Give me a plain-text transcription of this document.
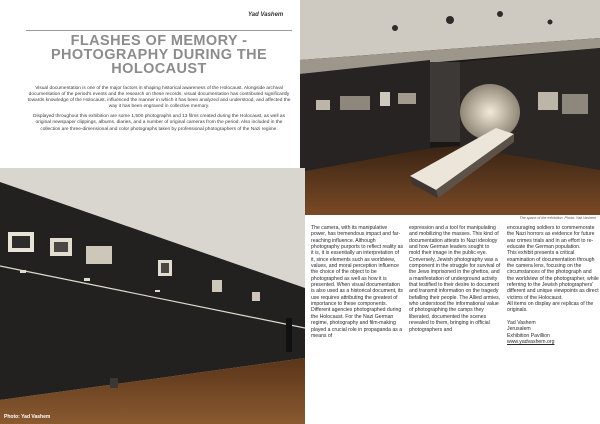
Yad Vashem
FLASHES OF MEMORY -
PHOTOGRAPHY DURING THE
HOLOCAUST

Visual documentation is one of the major factors in shaping historical awareness of the Holocaust. Alongside archival documentation of the period's events and the research on these records, visual documentation has contributed significantly towards knowledge of the Holocaust, influenced the manner in which it has been analyzed and understood, and affected the way it has been engraved in collective memory.

Displayed throughout this exhibition are some 1,500 photographs and 13 films created during the Holocaust, as well as original newspaper clippings, albums, diaries, and a number of original cameras from the period. Also included in the collection are three-dimensional and color photographs taken by professional photographers of the Nazi regime.

The space of the exhibition. Photo: Yad Vashem
Photo: Yad Vashem

The camera, with its manipulative power, has tremendous impact and far-reaching influence. Although photography purports to reflect reality as it is, it is essentially an interpretation of it, since elements such as worldview, values, and moral perception influence the choice of the object to be photographed as well as how it is presented. When visual documentation is also used as a historical document, its use requires attributing the greatest of importance to these components. Different agencies photographed during the Holocaust. For the Nazi German regime, photography and film-making played a crucial role in propaganda as a means of

expression and a tool for manipulating and mobilizing the masses. This kind of documentation attests to Nazi ideology and how German leaders sought to mold their image in the public eye. Conversely, Jewish photography was a component in the struggle for survival of the Jews imprisoned in the ghettos, and a manifestation of underground activity that testified to their desire to document and transmit information on the tragedy befalling their people. The Allied armies, who understood the informational value of photographing the camps they liberated, documented the scenes revealed to them, bringing in official photographers and

encouraging soldiers to commemorate the Nazi horrors as evidence for future war crimes trials and in an effort to re-educate the German population.

This exhibit presents a critical examination of documentation through the camera lens, focusing on the circumstances of the photograph and the worldview of the photographer, while referring to the Jewish photographers' different and unique viewpoints as direct victims of the Holocaust.

All items on display are replicas of the originals.

Yad Vashem
Jerusalem
Exhibition Pavillion
www.yadvashem.org
